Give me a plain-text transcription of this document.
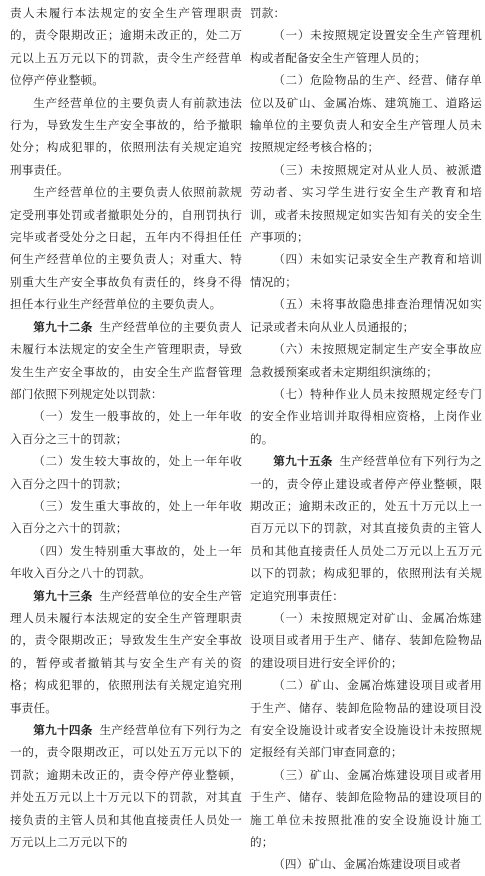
责人未履行本法规定的安全生产管理职责的，责令限期改正；逾期未改正的，处二万元以上五万元以下的罚款，责令生产经营单位停产停业整顿。

生产经营单位的主要负责人有前款违法行为，导致发生生产安全事故的，给予撤职处分；构成犯罪的，依照刑法有关规定追究刑事责任。

生产经营单位的主要负责人依照前款规定受刑事处罚或者撤职处分的，自刑罚执行完毕或者受处分之日起，五年内不得担任任何生产经营单位的主要负责人；对重大、特别重大生产安全事故负有责任的，终身不得担任本行业生产经营单位的主要负责人。

第九十二条 生产经营单位的主要负责人未履行本法规定的安全生产管理职责，导致发生生产安全事故的，由安全生产监督管理部门依照下列规定处以罚款：

（一）发生一般事故的，处上一年年收入百分之三十的罚款；

（二）发生较大事故的，处上一年年收入百分之四十的罚款；

（三）发生重大事故的，处上一年年收入百分之六十的罚款；

（四）发生特别重大事故的，处上一年年收入百分之八十的罚款。

第九十三条 生产经营单位的安全生产管理人员未履行本法规定的安全生产管理职责的，责令限期改正；导致发生生产安全事故的，暂停或者撤销其与安全生产有关的资格；构成犯罪的，依照刑法有关规定追究刑事责任。

第九十四条 生产经营单位有下列行为之一的，责令限期改正，可以处五万元以下的罚款；逾期未改正的，责令停产停业整顿，并处五万元以上十万元以下的罚款，对其直接负责的主管人员和其他直接责任人员处一万元以上二万元以下的

罚款：

（一）未按照规定设置安全生产管理机构或者配备安全生产管理人员的；

（二）危险物品的生产、经营、储存单位以及矿山、金属冶炼、建筑施工、道路运输单位的主要负责人和安全生产管理人员未按照规定经考核合格的；

（三）未按照规定对从业人员、被派遣劳动者、实习学生进行安全生产教育和培训，或者未按照规定如实告知有关的安全生产事项的；

（四）未如实记录安全生产教育和培训情况的；

（五）未将事故隐患排查治理情况如实记录或者未向从业人员通报的；

（六）未按照规定制定生产安全事故应急救援预案或者未定期组织演练的；

（七）特种作业人员未按照规定经专门的安全作业培训并取得相应资格，上岗作业的。

第九十五条 生产经营单位有下列行为之一的，责令停止建设或者停产停业整顿，限期改正；逾期未改正的，处五十万元以上一百万元以下的罚款，对其直接负责的主管人员和其他直接责任人员处二万元以上五万元以下的罚款；构成犯罪的，依照刑法有关规定追究刑事责任：

（一）未按照规定对矿山、金属冶炼建设项目或者用于生产、储存、装卸危险物品的建设项目进行安全评价的；

（二）矿山、金属冶炼建设项目或者用于生产、储存、装卸危险物品的建设项目没有安全设施设计或者安全设施设计未按照规定报经有关部门审查同意的；

（三）矿山、金属冶炼建设项目或者用于生产、储存、装卸危险物品的建设项目的施工单位未按照批准的安全设施设计施工的；

（四）矿山、金属冶炼建设项目或者
